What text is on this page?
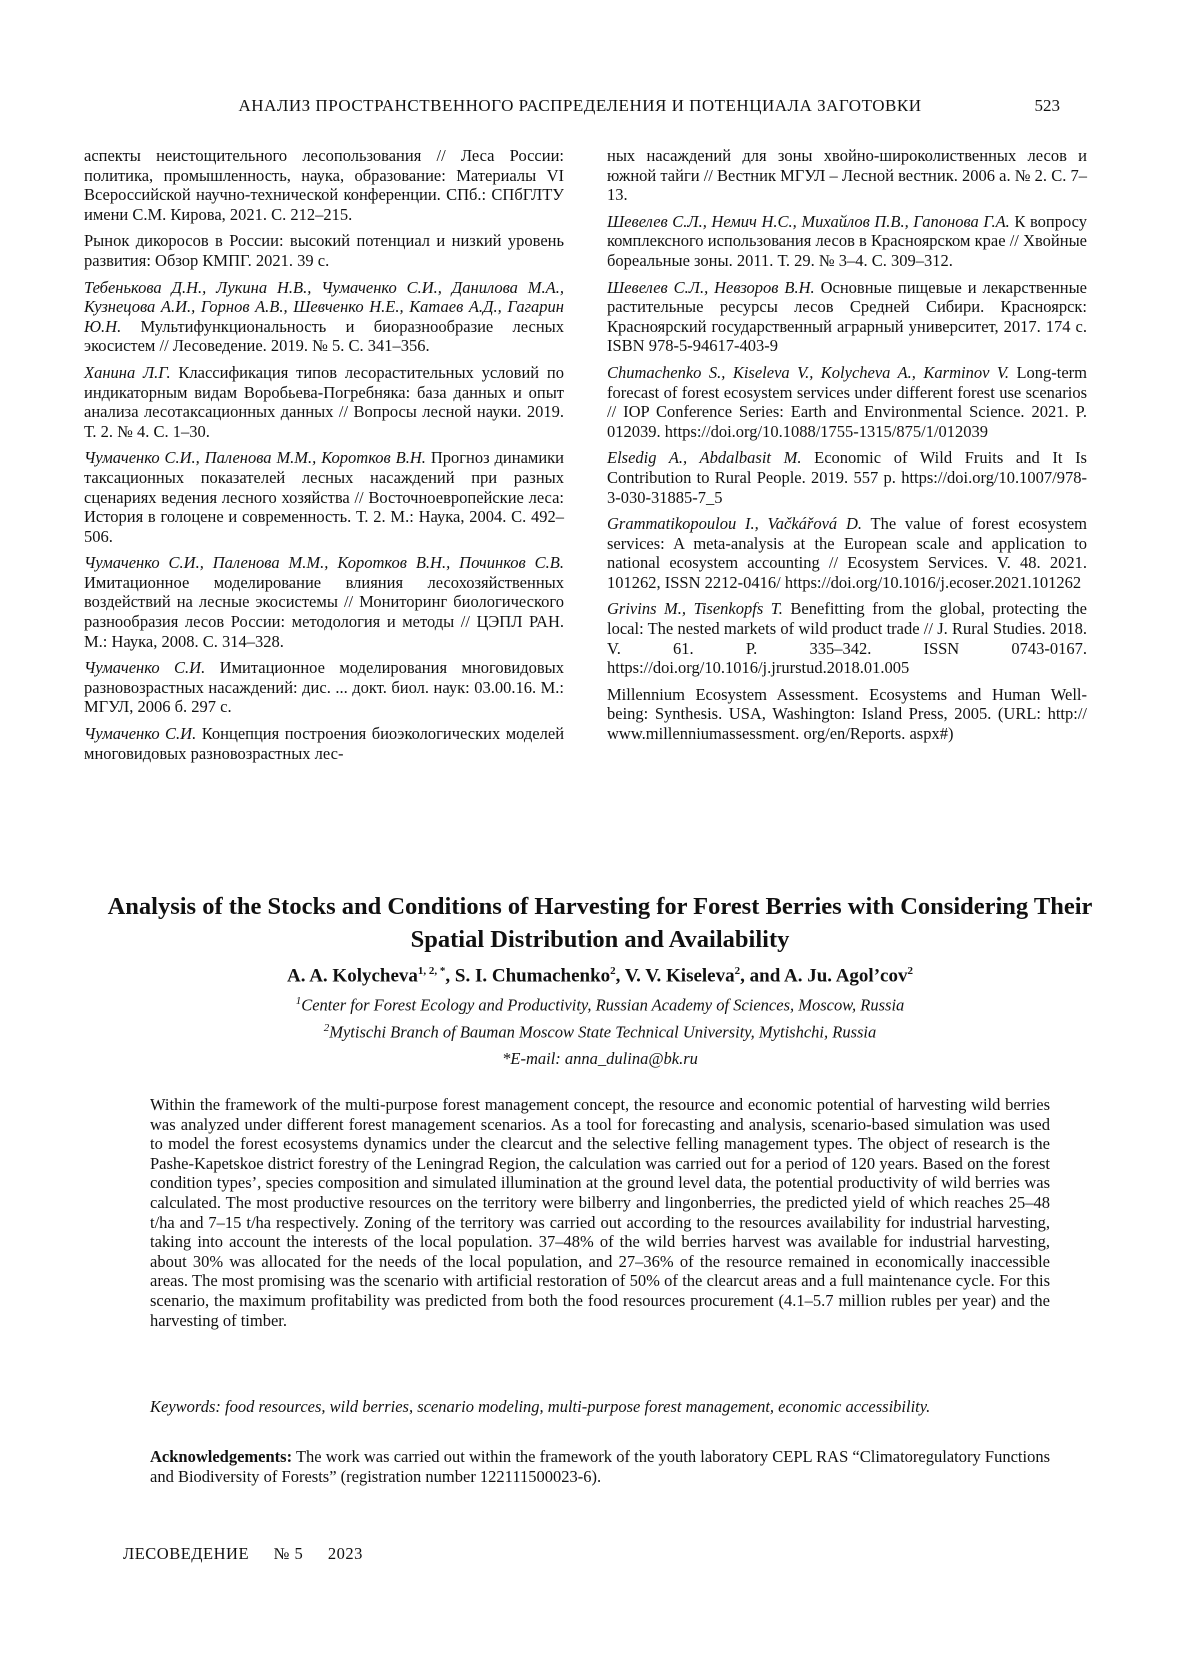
АНАЛИЗ ПРОСТРАНСТВЕННОГО РАСПРЕДЕЛЕНИЯ И ПОТЕНЦИАЛА ЗАГОТОВКИ	523

аспекты неистощительного лесопользования // Леса России: политика, промышленность, наука, образование: Материалы VI Всероссийской научно-технической конференции. СПб.: СПбГЛТУ имени С.М. Кирова, 2021. С. 212–215.

Рынок дикоросов в России: высокий потенциал и низкий уровень развития: Обзор КМПГ. 2021. 39 с.

Тебенькова Д.Н., Лукина Н.В., Чумаченко С.И., Данилова М.А., Кузнецова А.И., Горнов А.В., Шевченко Н.Е., Катаев А.Д., Гагарин Ю.Н. Мультифункциональность и биоразнообразие лесных экосистем // Лесоведение. 2019. № 5. С. 341–356.

Ханина Л.Г. Классификация типов лесорастительных условий по индикаторным видам Воробьева-Погребняка: база данных и опыт анализа лесотаксационных данных // Вопросы лесной науки. 2019. Т. 2. № 4. С. 1–30.

Чумаченко С.И., Паленова М.М., Коротков В.Н. Прогноз динамики таксационных показателей лесных насаждений при разных сценариях ведения лесного хозяйства // Восточноевропейские леса: История в голоцене и современность. Т. 2. М.: Наука, 2004. С. 492–506.

Чумаченко С.И., Паленова М.М., Коротков В.Н., Починков С.В. Имитационное моделирование влияния лесохозяйственных воздействий на лесные экосистемы // Мониторинг биологического разнообразия лесов России: методология и методы // ЦЭПЛ РАН. М.: Наука, 2008. С. 314–328.

Чумаченко С.И. Имитационное моделирования многовидовых разновозрастных насаждений: дис. ... докт. биол. наук: 03.00.16. М.: МГУЛ, 2006 б. 297 с.

Чумаченко С.И. Концепция построения биоэкологических моделей многовидовых разновозрастных лес-

ных насаждений для зоны хвойно-широколиственных лесов и южной тайги // Вестник МГУЛ – Лесной вестник. 2006 а. № 2. С. 7–13.

Шевелев С.Л., Немич Н.С., Михайлов П.В., Гапонова Г.А. К вопросу комплексного использования лесов в Красноярском крае // Хвойные бореальные зоны. 2011. Т. 29. № 3–4. С. 309–312.

Шевелев С.Л., Невзоров В.Н. Основные пищевые и лекарственные растительные ресурсы лесов Средней Сибири. Красноярск: Красноярский государственный аграрный университет, 2017. 174 с. ISBN 978-5-94617-403-9

Chumachenko S., Kiseleva V., Kolycheva A., Karminov V. Long-term forecast of forest ecosystem services under different forest use scenarios // IOP Conference Series: Earth and Environmental Science. 2021. P. 012039. https://doi.org/10.1088/1755-1315/875/1/012039

Elsedig A., Abdalbasit M. Economic of Wild Fruits and It Is Contribution to Rural People. 2019. 557 p. https://doi.org/10.1007/978-3-030-31885-7_5

Grammatikopoulou I., Vačkářová D. The value of forest ecosystem services: A meta-analysis at the European scale and application to national ecosystem accounting // Ecosystem Services. V. 48. 2021. 101262, ISSN 2212-0416/ https://doi.org/10.1016/j.ecoser.2021.101262

Grivins M., Tisenkopfs T. Benefitting from the global, protecting the local: The nested markets of wild product trade // J. Rural Studies. 2018. V. 61. P. 335–342. ISSN 0743-0167. https://doi.org/10.1016/j.jrurstud.2018.01.005

Millennium Ecosystem Assessment. Ecosystems and Human Well-being: Synthesis. USA, Washington: Island Press, 2005. (URL: http:// www.millenniumassessment. org/en/Reports. aspx#)

Analysis of the Stocks and Conditions of Harvesting for Forest Berries with Considering Their Spatial Distribution and Availability
A. A. Kolycheva$^{1, 2, *}$, S. I. Chumachenko$^2$, V. V. Kiseleva$^2$, and A. Ju. Agol’cov$^2$
$^1$Center for Forest Ecology and Productivity, Russian Academy of Sciences, Moscow, Russia
$^2$Mytischi Branch of Bauman Moscow State Technical University, Mytishchi, Russia
*E-mail: anna_dulina@bk.ru
Within the framework of the multi-purpose forest management concept, the resource and economic potential of harvesting wild berries was analyzed under different forest management scenarios. As a tool for forecasting and analysis, scenario-based simulation was used to model the forest ecosystems dynamics under the clearcut and the selective felling management types. The object of research is the Pashe-Kapetskoe district forestry of the Leningrad Region, the calculation was carried out for a period of 120 years. Based on the forest condition types’, species composition and simulated illumination at the ground level data, the potential productivity of wild berries was calculated. The most productive resources on the territory were bilberry and lingonberries, the predicted yield of which reaches 25–48 t/ha and 7–15 t/ha respectively. Zoning of the territory was carried out according to the resources availability for industrial harvesting, taking into account the interests of the local population. 37–48% of the wild berries harvest was available for industrial harvesting, about 30% was allocated for the needs of the local population, and 27–36% of the resource remained in economically inaccessible areas. The most promising was the scenario with artificial restoration of 50% of the clearcut areas and a full maintenance cycle. For this scenario, the maximum profitability was predicted from both the food resources procurement (4.1–5.7 million rubles per year) and the harvesting of timber.
Keywords: food resources, wild berries, scenario modeling, multi-purpose forest management, economic accessibility.
Acknowledgements: The work was carried out within the framework of the youth laboratory CEPL RAS “Climatoregulatory Functions and Biodiversity of Forests” (registration number 122111500023-6).
ЛЕСОВЕДЕНИЕ № 5 2023
